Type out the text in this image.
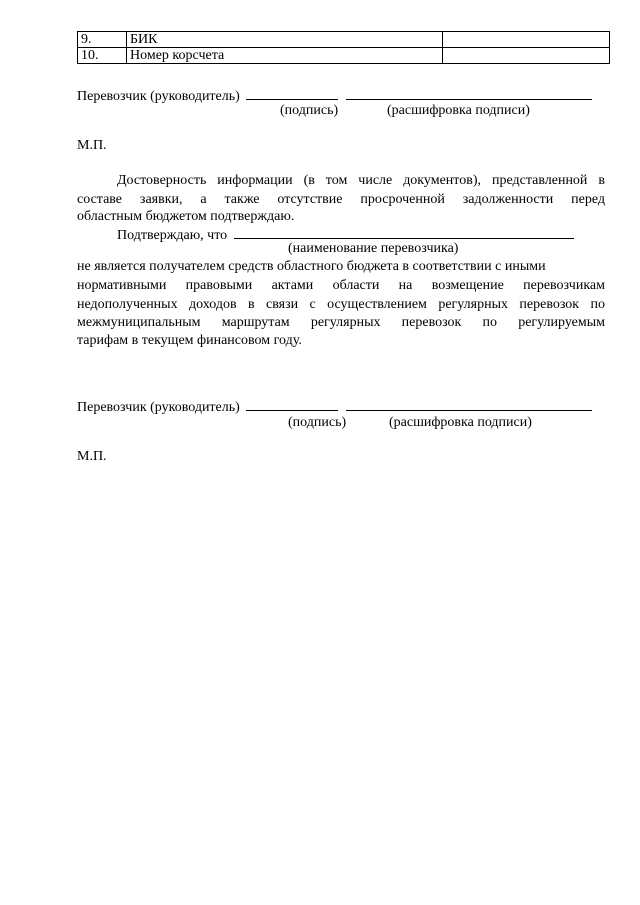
9.	БИК	
10.	Номер корсчета	
Перевозчик (руководитель)
(подпись)	(расшифровка подписи)
М.П.
Достоверность информации (в том числе документов), представленной в
составе заявки, а также отсутствие просроченной задолженности перед
областным бюджетом подтверждаю.
Подтверждаю, что
(наименование перевозчика)
не является получателем средств областного бюджета в соответствии с иными
нормативными правовыми актами области на возмещение перевозчикам
недополученных доходов в связи с осуществлением регулярных перевозок по
межмуниципальным маршрутам регулярных перевозок по регулируемым
тарифам в текущем финансовом году.
Перевозчик (руководитель)
(подпись)	(расшифровка подписи)
М.П.
